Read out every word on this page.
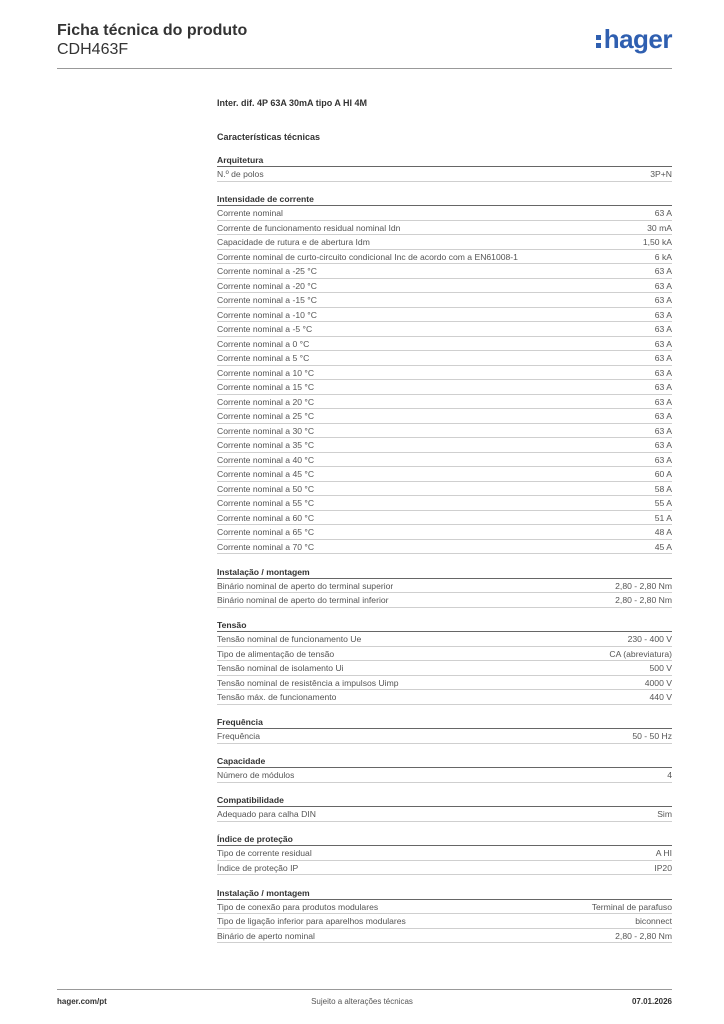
Ficha técnica do produto
CDH463F	hager
Inter. dif. 4P 63A 30mA tipo A HI 4M
Características técnicas
Arquitetura
N.º de polos	3P+N
Intensidade de corrente
Corrente nominal	63 A
Corrente de funcionamento residual nominal Idn	30 mA
Capacidade de rutura e de abertura Idm	1,50 kA
Corrente nominal de curto-circuito condicional Inc de acordo com a EN61008-1	6 kA
Corrente nominal a -25 °C	63 A
Corrente nominal a -20 °C	63 A
Corrente nominal a -15 °C	63 A
Corrente nominal a -10 °C	63 A
Corrente nominal a -5 °C	63 A
Corrente nominal a 0 °C	63 A
Corrente nominal a 5 °C	63 A
Corrente nominal a 10 °C	63 A
Corrente nominal a 15 °C	63 A
Corrente nominal a 20 °C	63 A
Corrente nominal a 25 °C	63 A
Corrente nominal a 30 °C	63 A
Corrente nominal a 35 °C	63 A
Corrente nominal a 40 °C	63 A
Corrente nominal a 45 °C	60 A
Corrente nominal a 50 °C	58 A
Corrente nominal a 55 °C	55 A
Corrente nominal a 60 °C	51 A
Corrente nominal a 65 °C	48 A
Corrente nominal a 70 °C	45 A
Instalação / montagem
Binário nominal de aperto do terminal superior	2,80 - 2,80 Nm
Binário nominal de aperto do terminal inferior	2,80 - 2,80 Nm
Tensão
Tensão nominal de funcionamento Ue	230 - 400 V
Tipo de alimentação de tensão	CA (abreviatura)
Tensão nominal de isolamento Ui	500 V
Tensão nominal de resistência a impulsos Uimp	4000 V
Tensão máx. de funcionamento	440 V
Frequência
Frequência	50 - 50 Hz
Capacidade
Número de módulos	4
Compatibilidade
Adequado para calha DIN	Sim
Índice de proteção
Tipo de corrente residual	A HI
Índice de proteção IP	IP20
Instalação / montagem
Tipo de conexão para produtos modulares	Terminal de parafuso
Tipo de ligação inferior para aparelhos modulares	biconnect
Binário de aperto nominal	2,80 - 2,80 Nm
hager.com/pt	Sujeito a alterações técnicas	07.01.2026
